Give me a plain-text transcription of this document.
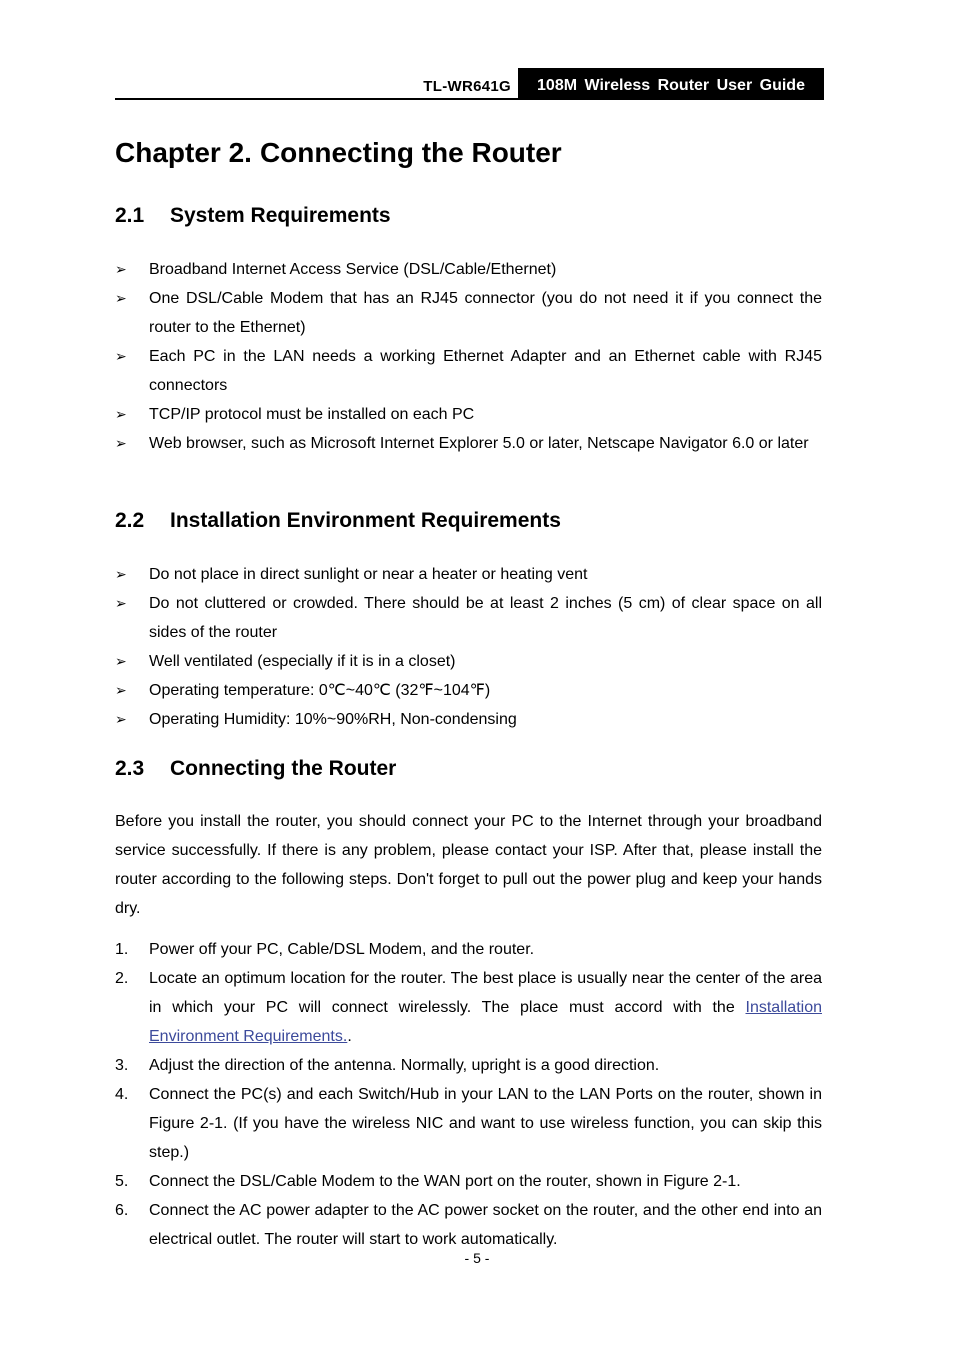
TL-WR641G 108M Wireless Router User Guide
Chapter 2. Connecting the Router
2.1 System Requirements
➢ Broadband Internet Access Service (DSL/Cable/Ethernet)
➢ One DSL/Cable Modem that has an RJ45 connector (you do not need it if you connect the router to the Ethernet)
➢ Each PC in the LAN needs a working Ethernet Adapter and an Ethernet cable with RJ45 connectors
➢ TCP/IP protocol must be installed on each PC
➢ Web browser, such as Microsoft Internet Explorer 5.0 or later, Netscape Navigator 6.0 or later
2.2 Installation Environment Requirements
➢ Do not place in direct sunlight or near a heater or heating vent
➢ Do not cluttered or crowded. There should be at least 2 inches (5 cm) of clear space on all sides of the router
➢ Well ventilated (especially if it is in a closet)
➢ Operating temperature: 0℃~40℃ (32℉~104℉)
➢ Operating Humidity: 10%~90%RH, Non-condensing
2.3 Connecting the Router

Before you install the router, you should connect your PC to the Internet through your broadband service successfully. If there is any problem, please contact your ISP. After that, please install the router according to the following steps. Don't forget to pull out the power plug and keep your hands dry.

1. Power off your PC, Cable/DSL Modem, and the router.
2. Locate an optimum location for the router. The best place is usually near the center of the area in which your PC will connect wirelessly. The place must accord with the Installation Environment Requirements..
3. Adjust the direction of the antenna. Normally, upright is a good direction.
4. Connect the PC(s) and each Switch/Hub in your LAN to the LAN Ports on the router, shown in Figure 2-1. (If you have the wireless NIC and want to use wireless function, you can skip this step.)
5. Connect the DSL/Cable Modem to the WAN port on the router, shown in Figure 2-1.
6. Connect the AC power adapter to the AC power socket on the router, and the other end into an electrical outlet. The router will start to work automatically.
- 5 -
